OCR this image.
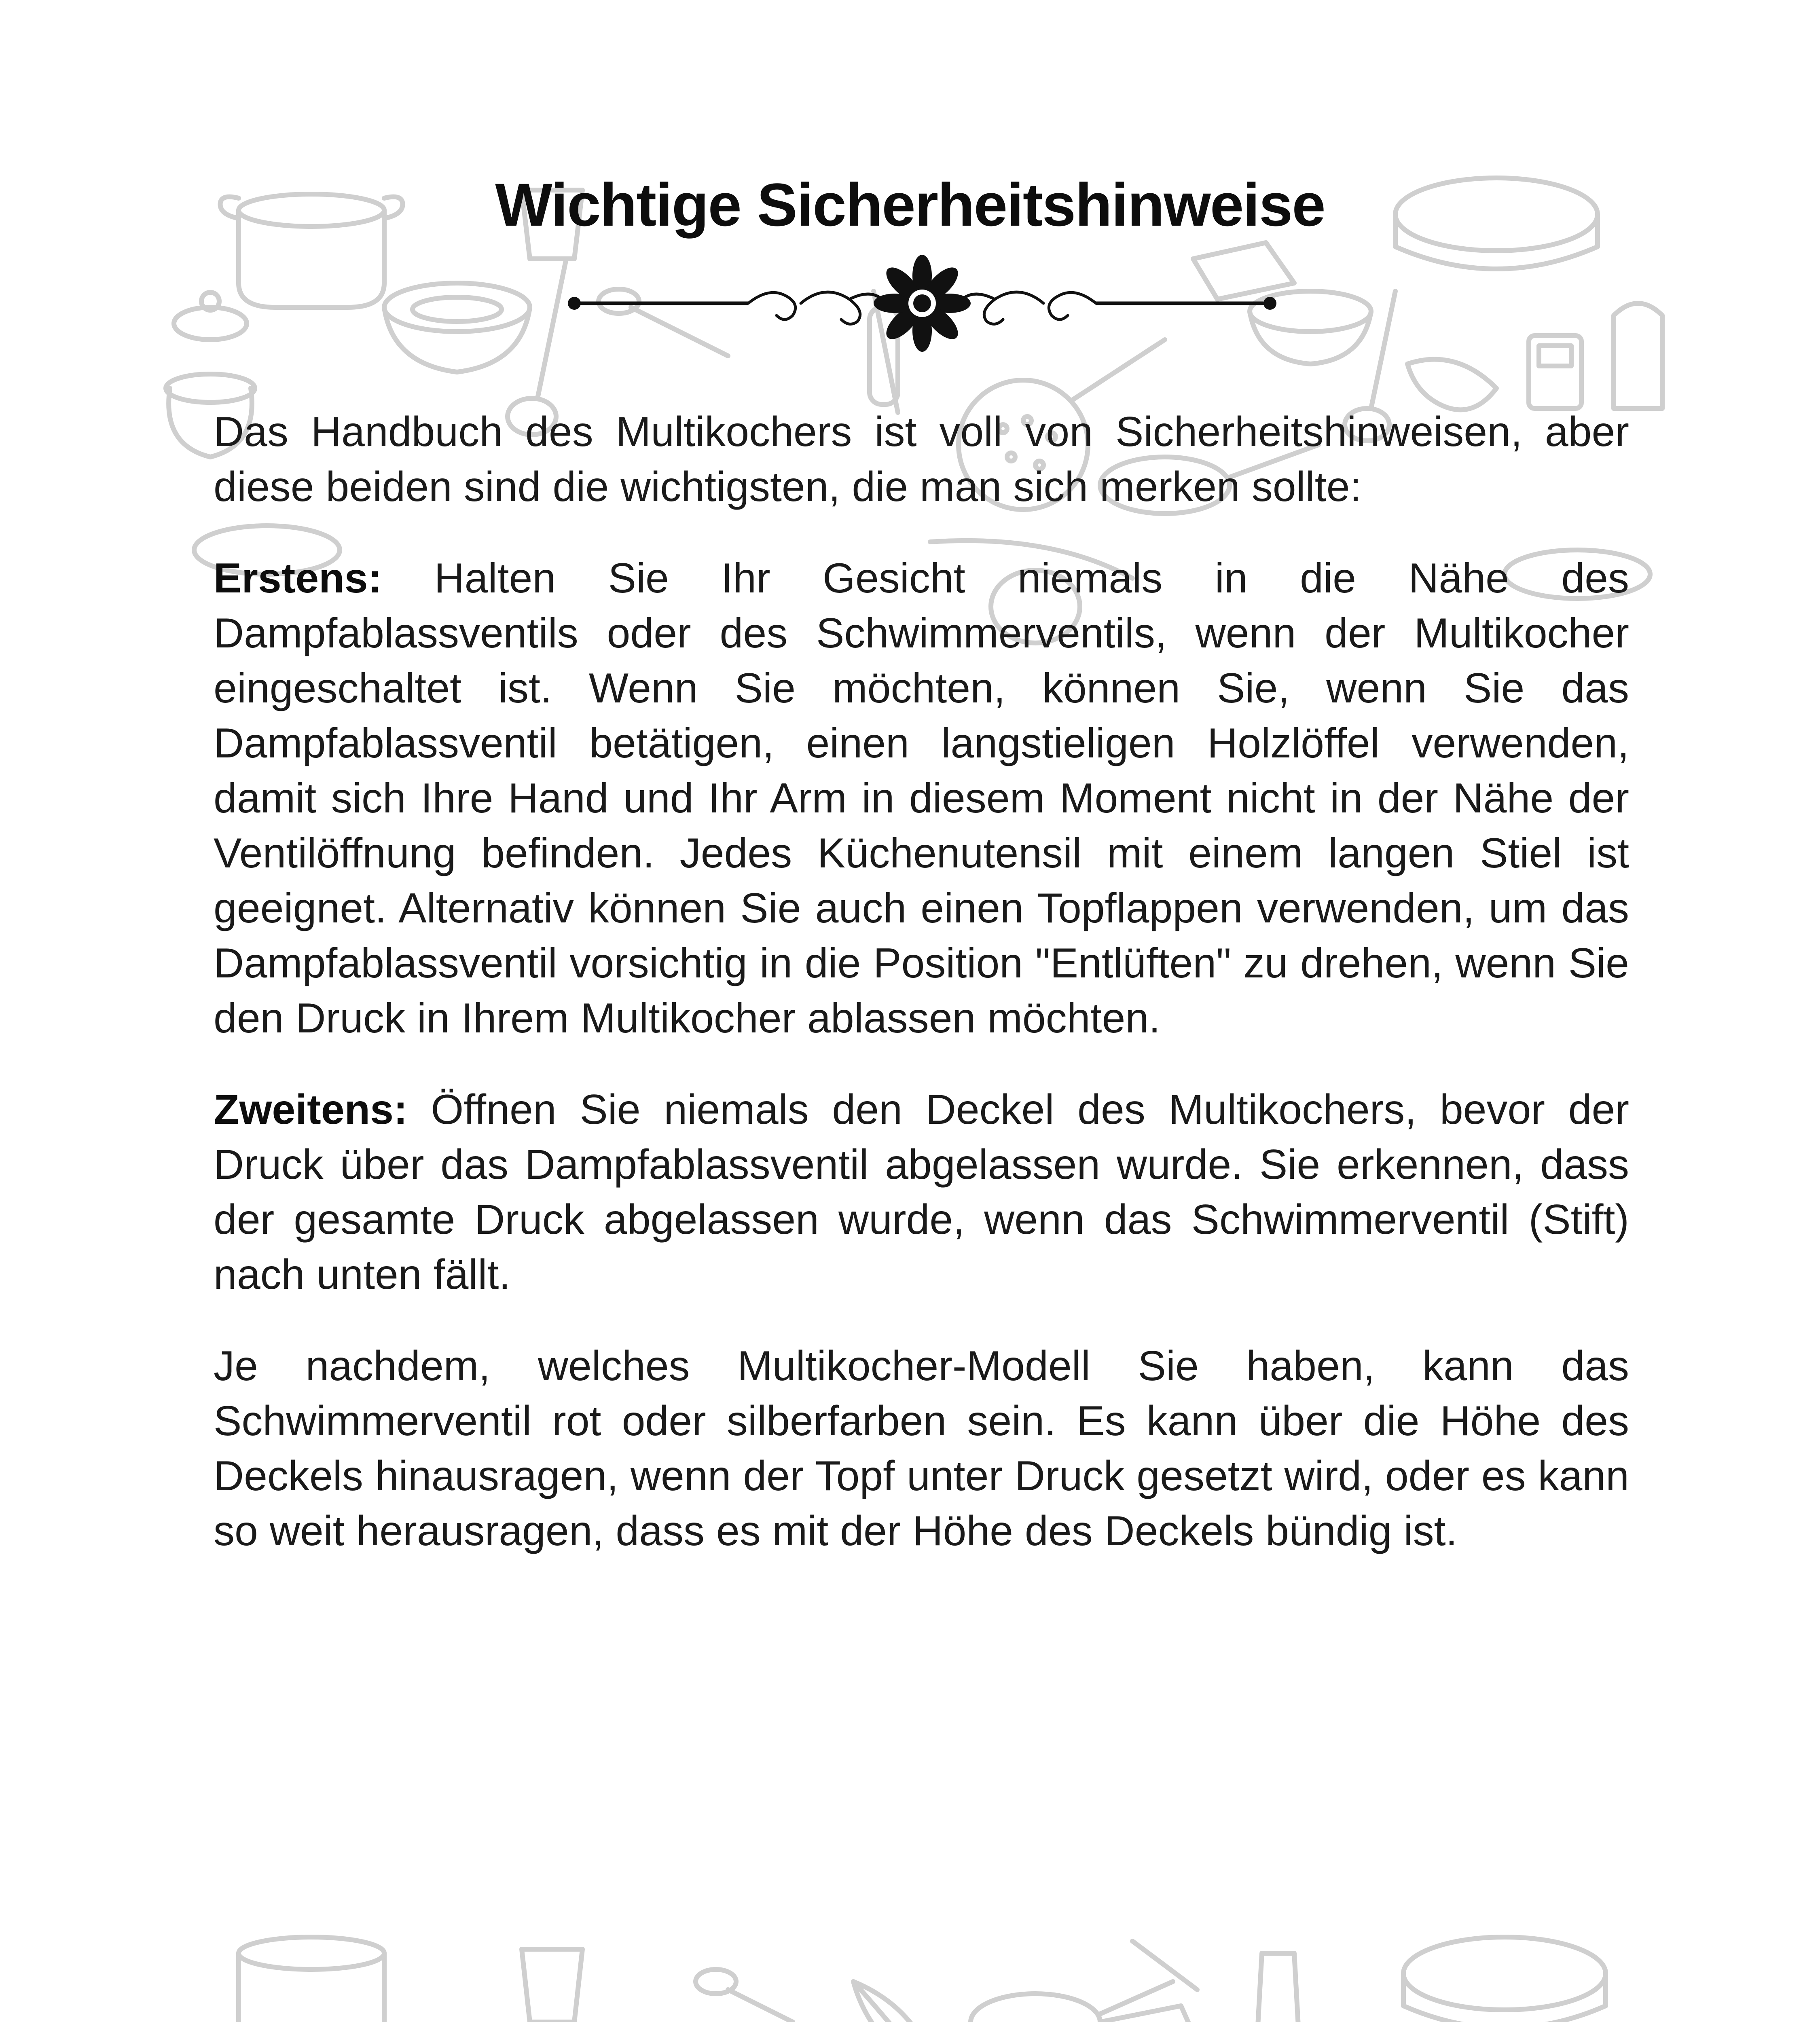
Wichtige Sicherheitshinweise

Das Handbuch des Multikochers ist voll von Sicherheitshinweisen, aber diese beiden sind die wichtigsten, die man sich merken sollte:

Erstens: Halten Sie Ihr Gesicht niemals in die Nähe des Dampfablassventils oder des Schwimmerventils, wenn der Multikocher eingeschaltet ist. Wenn Sie möchten, können Sie, wenn Sie das Dampfablassventil betätigen, einen langstieligen Holzlöffel verwenden, damit sich Ihre Hand und Ihr Arm in diesem Moment nicht in der Nähe der Ventilöffnung befinden. Jedes Küchenutensil mit einem langen Stiel ist geeignet. Alternativ können Sie auch einen Topflappen verwenden, um das Dampfablassventil vorsichtig in die Position "Entlüften" zu drehen, wenn Sie den Druck in Ihrem Multikocher ablassen möchten.

Zweitens: Öffnen Sie niemals den Deckel des Multikochers, bevor der Druck über das Dampfablassventil abgelassen wurde. Sie erkennen, dass der gesamte Druck abgelassen wurde, wenn das Schwimmerventil (Stift) nach unten fällt.

Je nachdem, welches Multikocher-Modell Sie haben, kann das Schwimmerventil rot oder silberfarben sein. Es kann über die Höhe des Deckels hinausragen, wenn der Topf unter Druck gesetzt wird, oder es kann so weit herausragen, dass es mit der Höhe des Deckels bündig ist.
